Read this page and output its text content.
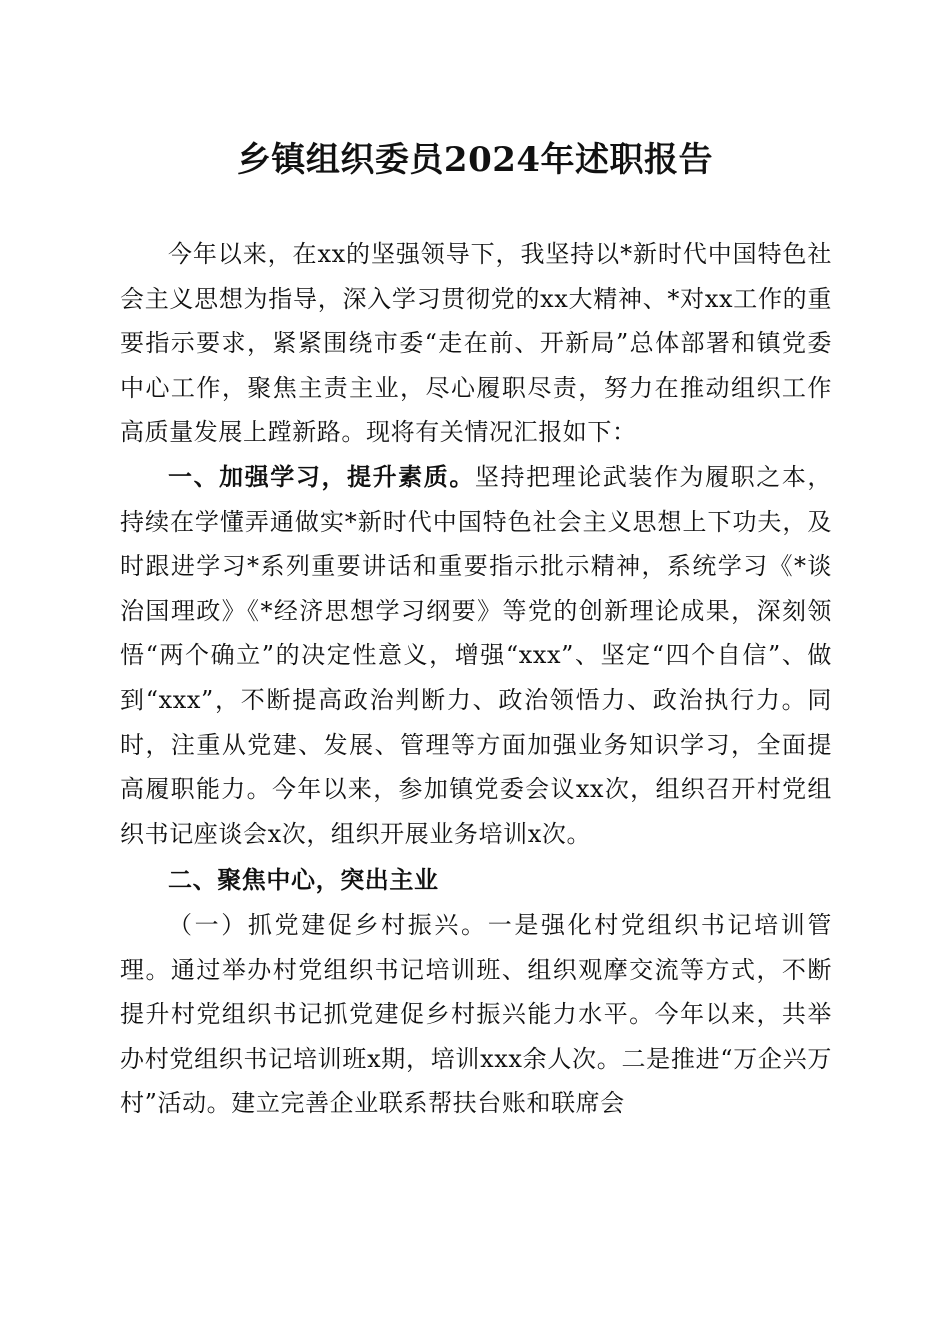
乡镇组织委员2024年述职报告

今年以来，在xx的坚强领导下，我坚持以*新时代中国特色社会主义思想为指导，深入学习贯彻党的xx大精神、*对xx工作的重要指示要求，紧紧围绕市委“走在前、开新局”总体部署和镇党委中心工作，聚焦主责主业，尽心履职尽责，努力在推动组织工作高质量发展上蹚新路。现将有关情况汇报如下：

一、加强学习，提升素质。坚持把理论武装作为履职之本，持续在学懂弄通做实*新时代中国特色社会主义思想上下功夫，及时跟进学习*系列重要讲话和重要指示批示精神，系统学习《*谈治国理政》《*经济思想学习纲要》等党的创新理论成果，深刻领悟“两个确立”的决定性意义，增强“xxx”、坚定“四个自信”、做到“xxx”，不断提高政治判断力、政治领悟力、政治执行力。同时，注重从党建、发展、管理等方面加强业务知识学习，全面提高履职能力。今年以来，参加镇党委会议xx次，组织召开村党组织书记座谈会x次，组织开展业务培训x次。

二、聚焦中心，突出主业

（一）抓党建促乡村振兴。一是强化村党组织书记培训管理。通过举办村党组织书记培训班、组织观摩交流等方式，不断提升村党组织书记抓党建促乡村振兴能力水平。今年以来，共举办村党组织书记培训班x期，培训xxx余人次。二是推进“万企兴万村”活动。建立完善企业联系帮扶台账和联席会
